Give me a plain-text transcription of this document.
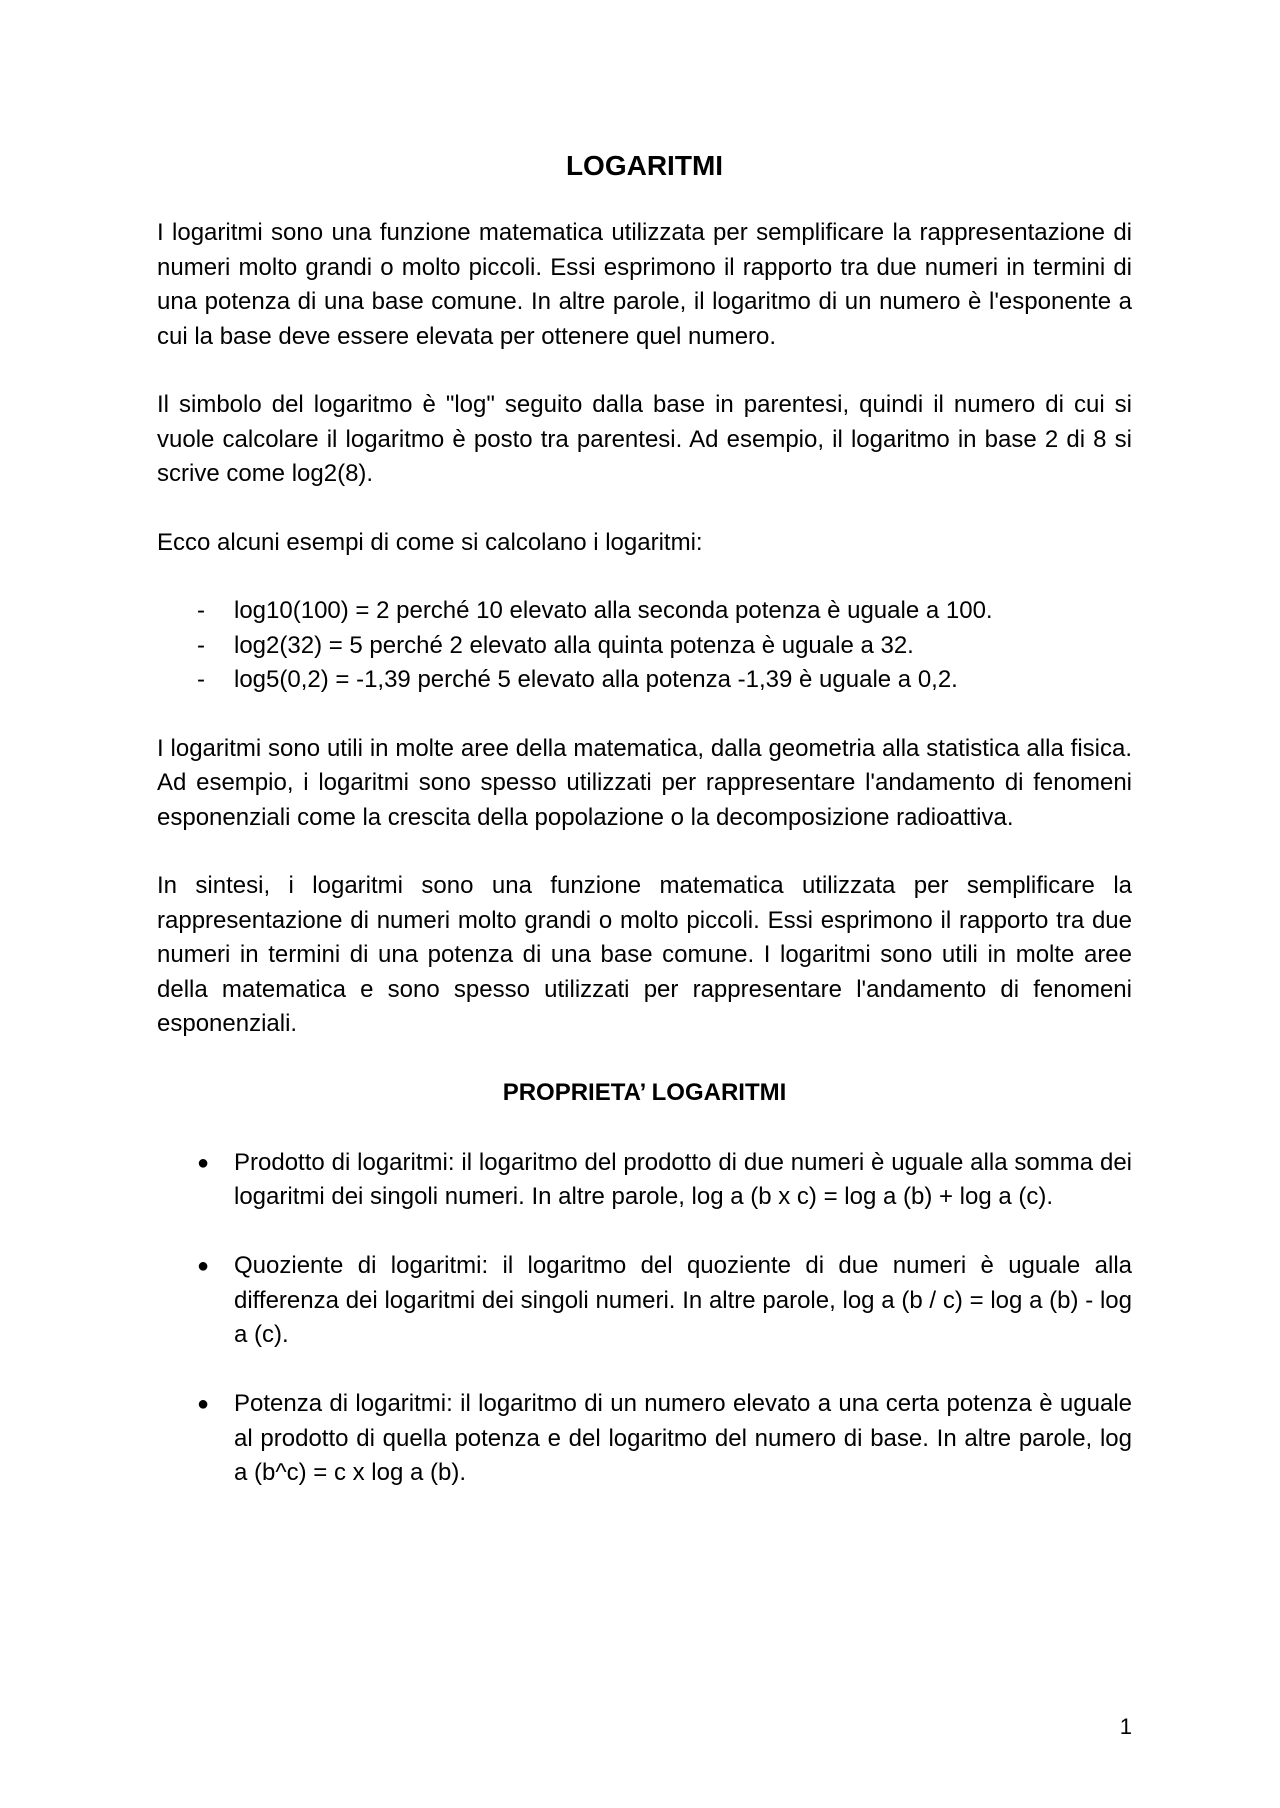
LOGARITMI

I logaritmi sono una funzione matematica utilizzata per semplificare la rappresentazione di numeri molto grandi o molto piccoli. Essi esprimono il rapporto tra due numeri in termini di una potenza di una base comune. In altre parole, il logaritmo di un numero è l'esponente a cui la base deve essere elevata per ottenere quel numero.

Il simbolo del logaritmo è "log" seguito dalla base in parentesi, quindi il numero di cui si vuole calcolare il logaritmo è posto tra parentesi. Ad esempio, il logaritmo in base 2 di 8 si scrive come log2(8).

Ecco alcuni esempi di come si calcolano i logaritmi:

- log10(100) = 2 perché 10 elevato alla seconda potenza è uguale a 100.
- log2(32) = 5 perché 2 elevato alla quinta potenza è uguale a 32.
- log5(0,2) = -1,39 perché 5 elevato alla potenza -1,39 è uguale a 0,2.

I logaritmi sono utili in molte aree della matematica, dalla geometria alla statistica alla fisica. Ad esempio, i logaritmi sono spesso utilizzati per rappresentare l'andamento di fenomeni esponenziali come la crescita della popolazione o la decomposizione radioattiva.

In sintesi, i logaritmi sono una funzione matematica utilizzata per semplificare la rappresentazione di numeri molto grandi o molto piccoli. Essi esprimono il rapporto tra due numeri in termini di una potenza di una base comune. I logaritmi sono utili in molte aree della matematica e sono spesso utilizzati per rappresentare l'andamento di fenomeni esponenziali.

PROPRIETA’ LOGARITMI
● Prodotto di logaritmi: il logaritmo del prodotto di due numeri è uguale alla somma dei logaritmi dei singoli numeri. In altre parole, log a (b x c) = log a (b) + log a (c).
● Quoziente di logaritmi: il logaritmo del quoziente di due numeri è uguale alla differenza dei logaritmi dei singoli numeri. In altre parole, log a (b / c) = log a (b) - log a (c).
● Potenza di logaritmi: il logaritmo di un numero elevato a una certa potenza è uguale al prodotto di quella potenza e del logaritmo del numero di base. In altre parole, log a (b^c) = c x log a (b).
1
